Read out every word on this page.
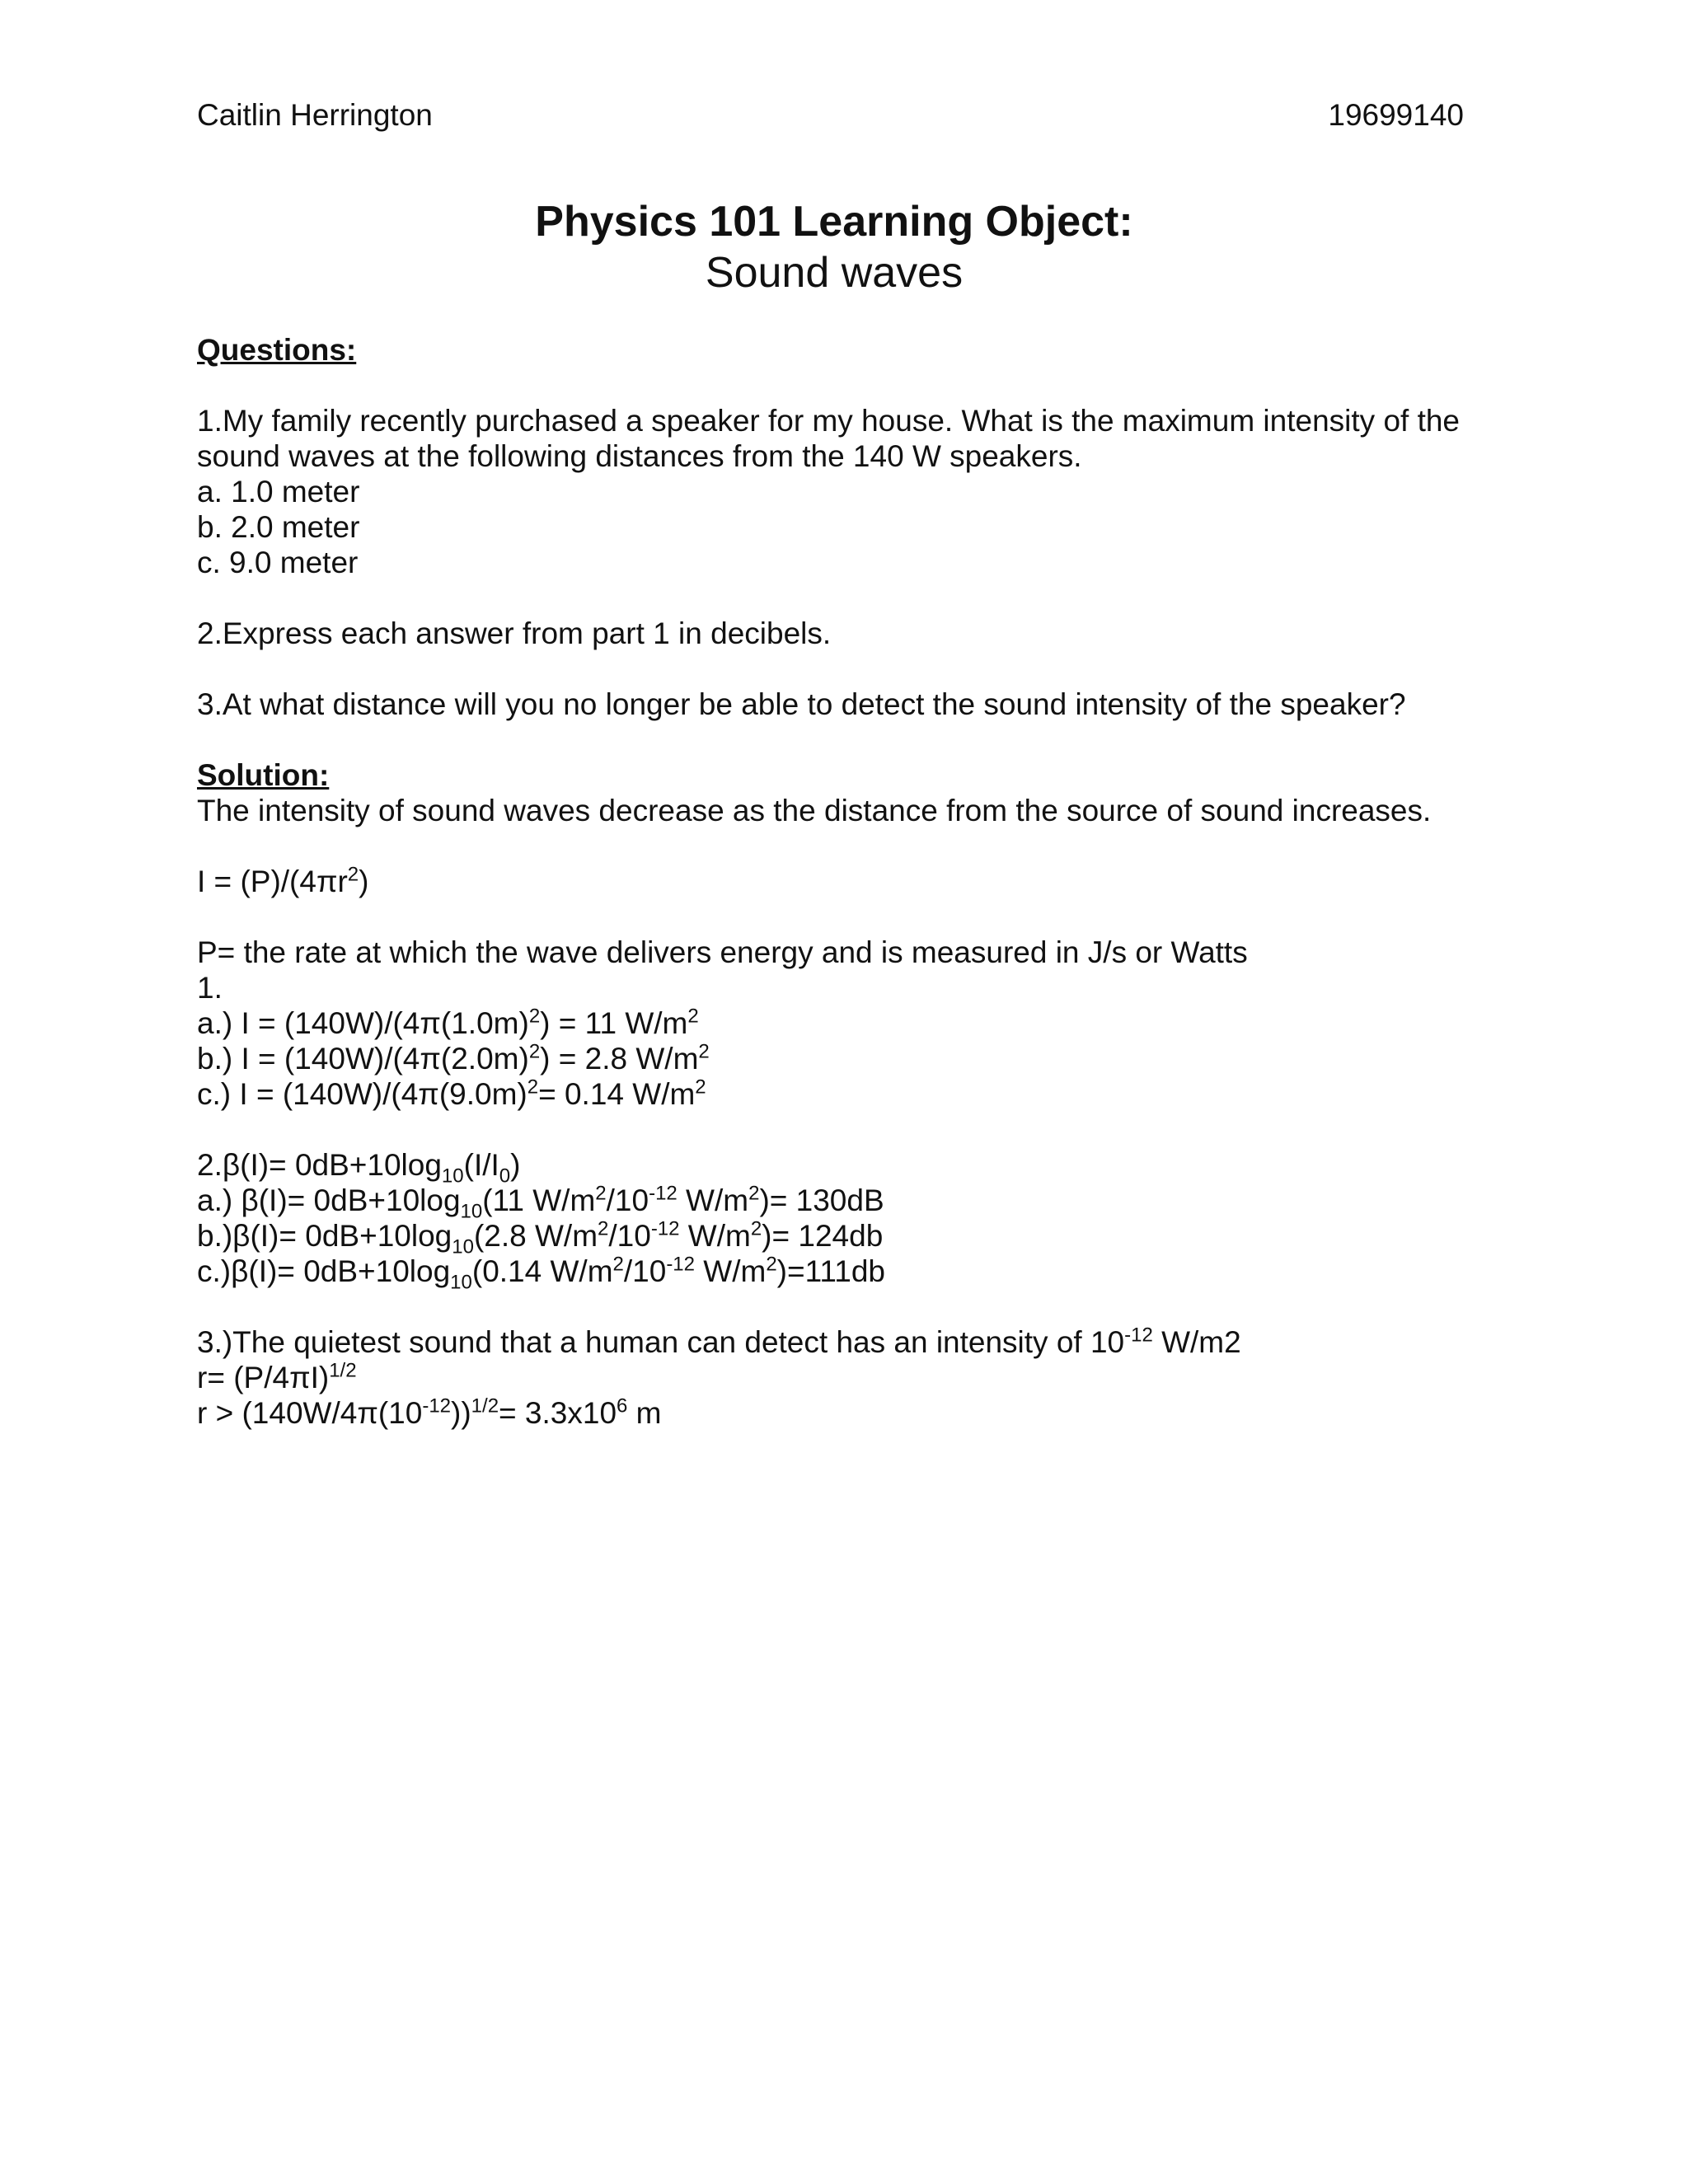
Caitlin Herrington	19699140
Physics 101 Learning Object:
Sound waves
Questions:
1.My family recently purchased a speaker for my house. What is the maximum intensity of the
sound waves at the following distances from the 140 W speakers.
a. 1.0 meter
b. 2.0 meter
c. 9.0 meter
2.Express each answer from part 1 in decibels.
3.At what distance will you no longer be able to detect the sound intensity of the speaker?
Solution:
The intensity of sound waves decrease as the distance from the source of sound increases.
$I = (P)/(4\pi r^2)$
P= the rate at which the wave delivers energy and is measured in J/s or Watts
1.
a.) $I = (140W)/(4\pi(1.0m)^2) = 11$ $W/m^2$
b.) $I = (140W)/(4\pi(2.0m)^2) = 2.8$ $W/m^2$
c.) $I = (140W)/(4\pi(9.0m)^2= 0.14$ $W/m^2$
$2.\beta(I)= 0dB+10\log_{10}(I/I_0)$
a.) $\beta(I)= 0dB+10\log_{10}(11$ $W/m^2/10^{-12}$ $W/m^2)= 130dB$
$b.)\beta(I)= 0dB+10\log_{10}(2.8$ $W/m^2/10^{-12}$ $W/m^2)= 124db$
$c.)\beta(I)= 0dB+10\log_{10}(0.14$ $W/m^2/10^{-12}$ $W/m^2)=111db$
3.)The quietest sound that a human can detect has an intensity of $10^{-12}$ W/m2
$r= (P/4\pi I)^{1/2}$
$r > (140W/4\pi(10^{-12}))^{1/2}= 3.3x10^6$ m
